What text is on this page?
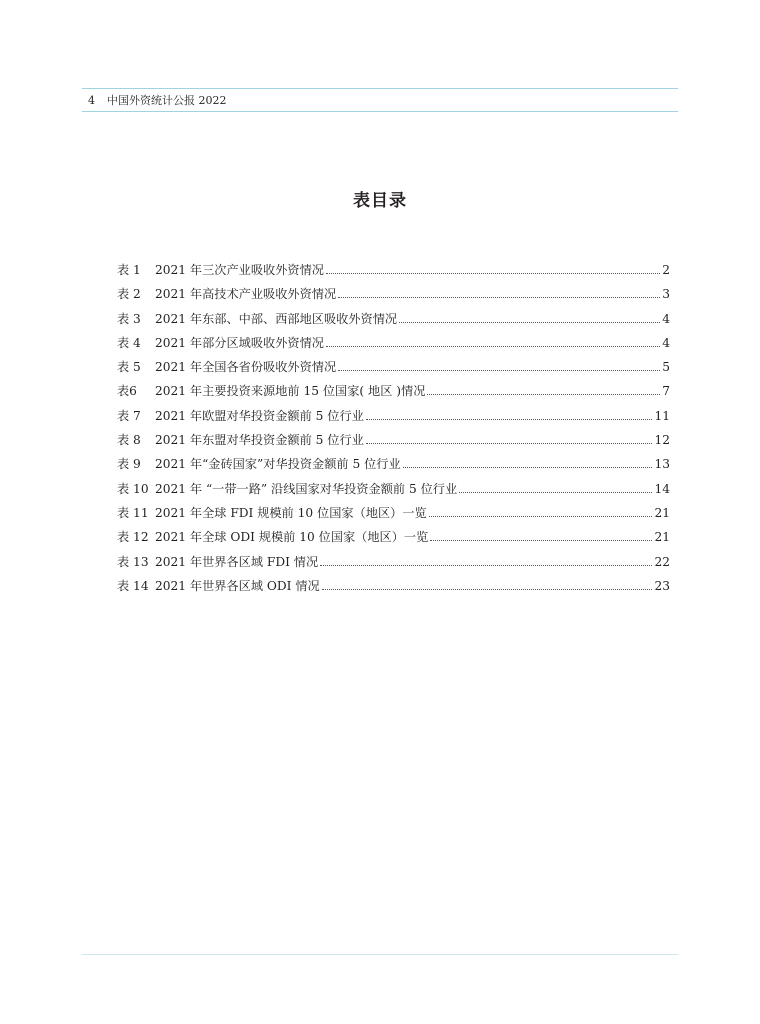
4 中国外资统计公报 2022
表目录
表 1	2021 年三次产业吸收外资情况	2
表 2	2021 年高技术产业吸收外资情况	3
表 3	2021 年东部、中部、西部地区吸收外资情况	4
表 4	2021 年部分区域吸收外资情况	4
表 5	2021 年全国各省份吸收外资情况	5
表6	2021 年主要投资来源地前 15 位国家( 地区 )情况	7
表 7	2021 年欧盟对华投资金额前 5 位行业	11
表 8	2021 年东盟对华投资金额前 5 位行业	12
表 9	2021 年“金砖国家”对华投资金额前 5 位行业	13
表 10 2021 年 “一带一路” 沿线国家对华投资金额前 5 位行业	14
表 11 2021 年全球 FDI 规模前 10 位国家（地区）一览	21
表 12 2021 年全球 ODI 规模前 10 位国家（地区）一览	21
表 13 2021 年世界各区域 FDI 情况	22
表 14 2021 年世界各区域 ODI 情况	23
